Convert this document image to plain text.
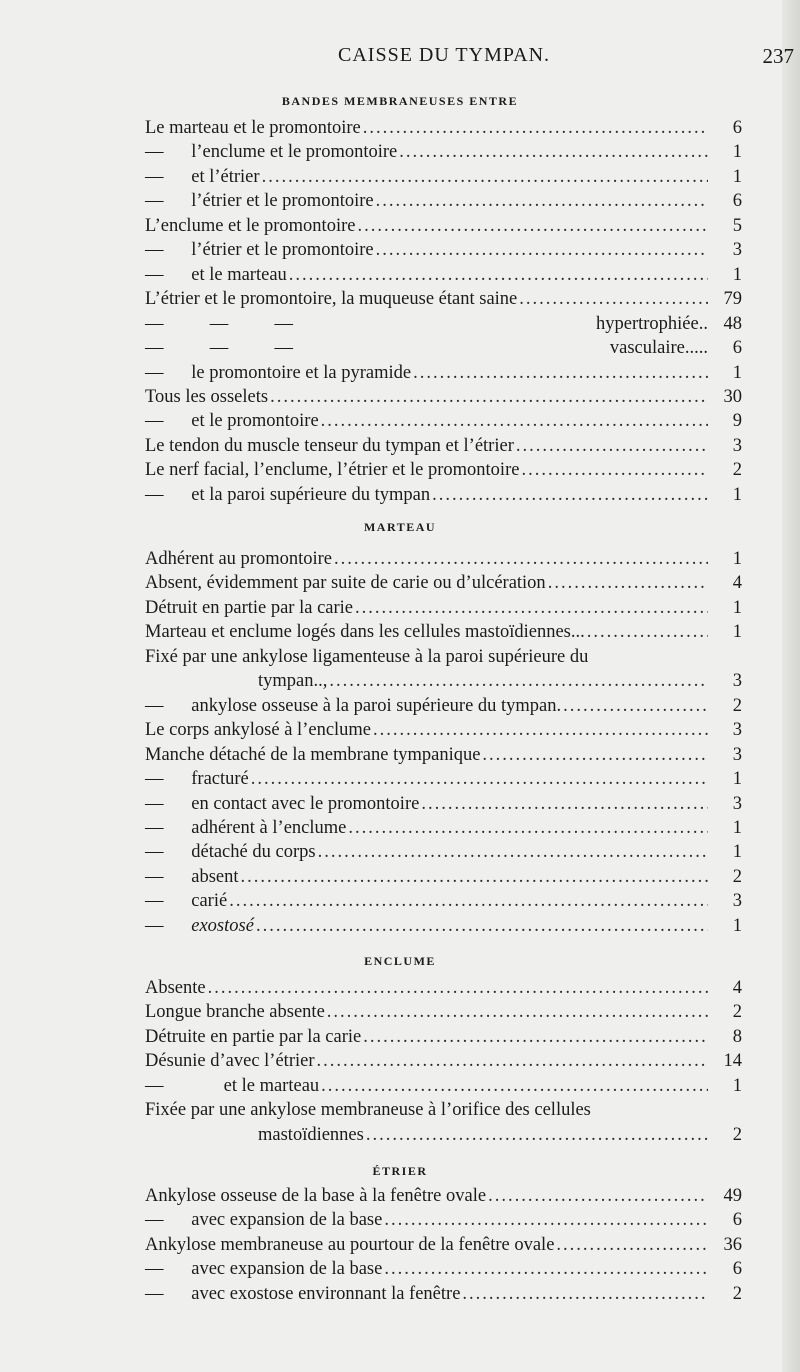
CAISSE DU TYMPAN.	237
BANDES MEMBRANEUSES ENTRE
Le marteau et le promontoire .....	6
—      l’enclume et le promontoire .....	1
—      et l’étrier .....	1
—      l’étrier et le promontoire .....	6
L’enclume et le promontoire .....	5
—      l’étrier et le promontoire .....	3
—      et le marteau .....	1
L’étrier et le promontoire, la muqueuse étant saine .....	79
—          —          —	hypertrophiée.. 48
—          —          —	vasculaire.....	6
—      le promontoire et la pyramide .....	1
Tous les osselets .....	30
—      et le promontoire .....	9
Le tendon du muscle tenseur du tympan et l’étrier .....	3
Le nerf facial, l’enclume, l’étrier et le promontoire .....	2
—      et la paroi supérieure du tympan .....	1
MARTEAU
Adhérent au promontoire .....	1
Absent, évidemment par suite de carie ou d’ulcération .....	4
Détruit en partie par la carie .....	1
Marteau et enclume logés dans les cellules mastoïdiennes... .....	1
Fixé par une ankylose ligamenteuse à la paroi supérieure du
tympan.., .....	3
—      ankylose osseuse à la paroi supérieure du tympan. .....	2
Le corps ankylosé à l’enclume .....	3
Manche détaché de la membrane tympanique .....	3
—      fracturé .....	1
—      en contact avec le promontoire .....	3
—      adhérent à l’enclume .....	1
—      détaché du corps .....	1
—      absent .....	2
—      carié .....	3
—      exostosé .....	1
ENCLUME
Absente .....	4
Longue branche absente .....	2
Détruite en partie par la carie .....	8
Désunie d’avec l’étrier .....	14
—             et le marteau .....	1
Fixée par une ankylose membraneuse à l’orifice des cellules
mastoïdiennes .....	2
ÉTRIER
Ankylose osseuse de la base à la fenêtre ovale .....	49
—      avec expansion de la base .....	6
Ankylose membraneuse au pourtour de la fenêtre ovale .....	36
—      avec expansion de la base .....	6
—      avec exostose environnant la fenêtre .....	2
